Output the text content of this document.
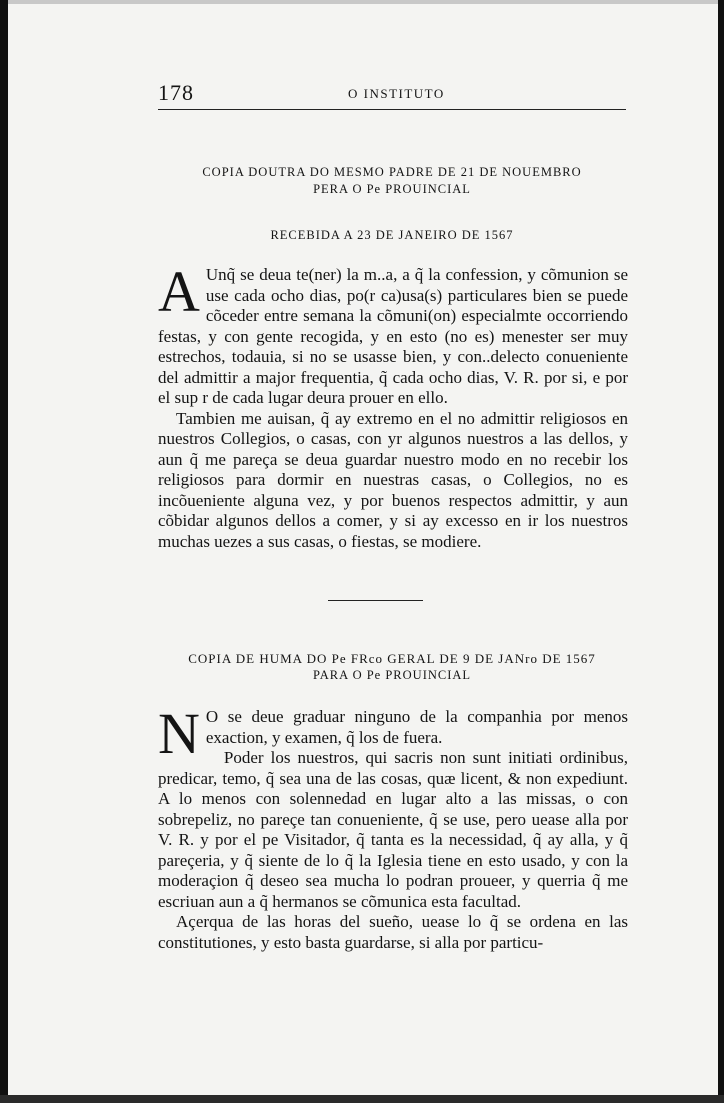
178	O INSTITUTO
COPIA DOUTRA DO MESMO PADRE DE 21 DE NOUEMBRO
PERA O Pe PROUINCIAL
RECEBIDA A 23 DE JANEIRO DE 1567

A Unq̃ se deua te(ner) la m..a, a q̃ la confession, y cõmunion se use cada ocho dias, po(r ca)usa(s) particulares bien se puede cõceder entre semana la cõmuni(on) especialmte occorriendo festas, y con gente recogida, y en esto (no es) menester ser muy estrechos, todauia, si no se usasse bien, y con..delecto conueniente del admittir a major frequentia, q̃ cada ocho dias, V. R. por si, e por el sup r de cada lugar deura prouer en ello.

Tambien me auisan, q̃ ay extremo en el no admittir religiosos en nuestros Collegios, o casas, con yr algunos nuestros a las dellos, y aun q̃ me pareça se deua guardar nuestro modo en no recebir los religiosos para dormir en nuestras casas, o Collegios, no es incõueniente alguna vez, y por buenos respectos admittir, y aun cõbidar algunos dellos a comer, y si ay excesso en ir los nuestros muchas uezes a sus casas, o fiestas, se modiere.

COPIA DE HUMA DO Pe FRco GERAL DE 9 DE JANro DE 1567
PARA O Pe PROUINCIAL

N O se deue graduar ninguno de la companhia por menos exaction, y examen, q̃ los de fuera.

Poder los nuestros, qui sacris non sunt initiati ordinibus, predicar, temo, q̃ sea una de las cosas, quæ licent, & non expediunt. A lo menos con solennedad en lugar alto a las missas, o con sobrepeliz, no pareçe tan conueniente, q̃ se use, pero uease alla por V. R. y por el pe Visitador, q̃ tanta es la necessidad, q̃ ay alla, y q̃ pareçeria, y q̃ siente de lo q̃ la Iglesia tiene en esto usado, y con la moderaçion q̃ deseo sea mucha lo podran proueer, y querria q̃ me escriuan aun a q̃ hermanos se cõmunica esta facultad.

Açerqua de las horas del sueño, uease lo q̃ se ordena en las constitutiones, y esto basta guardarse, si alla por particu-
